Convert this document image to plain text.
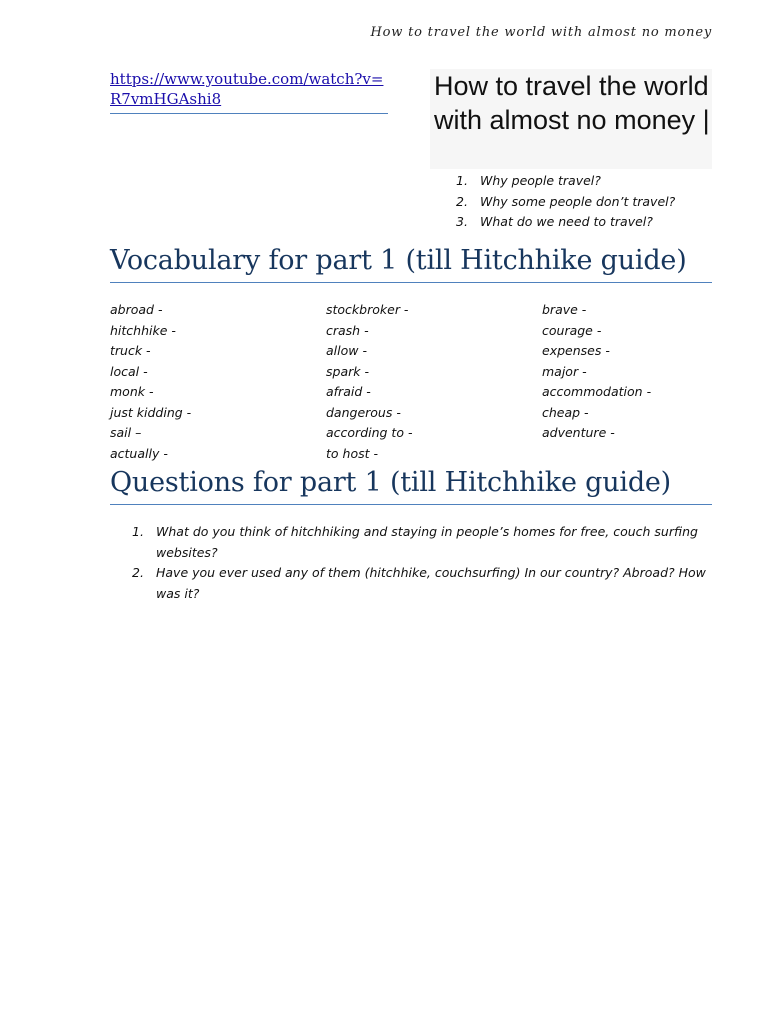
How to travel the world with almost no money
https://www.youtube.com/watch?v=R7vmHGAshi8	How to travel the world with almost no money |

1. Why people travel?
2. Why some people don’t travel?
3. What do we need to travel?
Vocabulary for part 1 (till Hitchhike guide)
abroad -
hitchhike -
truck -
local -
monk -
just kidding -
sail –
actually -
stockbroker -
crash -
allow -
spark -
afraid -
dangerous -
according to -
to host -
brave -
courage -
expenses -
major -
accommodation -
cheap -
adventure -
Questions for part 1 (till Hitchhike guide)
1. What do you think of hitchhiking and staying in people’s homes for free, couch surfing websites?
2. Have you ever used any of them (hitchhike, couchsurfing) In our country? Abroad? How was it?
